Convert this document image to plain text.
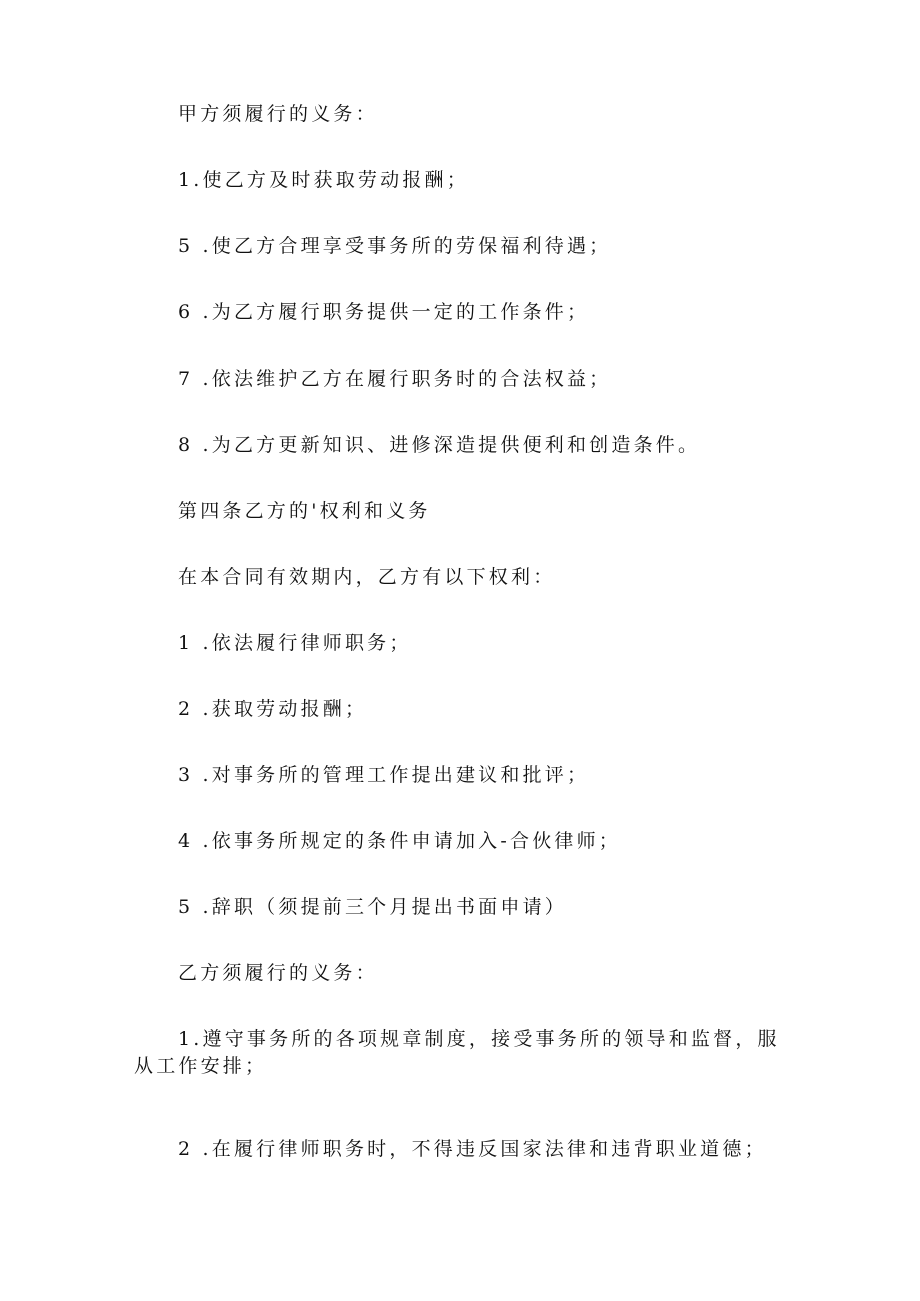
甲方须履行的义务：
1.使乙方及时获取劳动报酬；
5 .使乙方合理享受事务所的劳保福利待遇；
6 .为乙方履行职务提供一定的工作条件；
7 .依法维护乙方在履行职务时的合法权益；
8 .为乙方更新知识、进修深造提供便利和创造条件。
第四条乙方的'权利和义务
在本合同有效期内，乙方有以下权利：
1 .依法履行律师职务；
2 .获取劳动报酬；
3 .对事务所的管理工作提出建议和批评；
4 .依事务所规定的条件申请加入-合伙律师；
5 .辞职（须提前三个月提出书面申请）
乙方须履行的义务：
1.遵守事务所的各项规章制度，接受事务所的领导和监督，服从工作安排；
2 .在履行律师职务时，不得违反国家法律和违背职业道德；
